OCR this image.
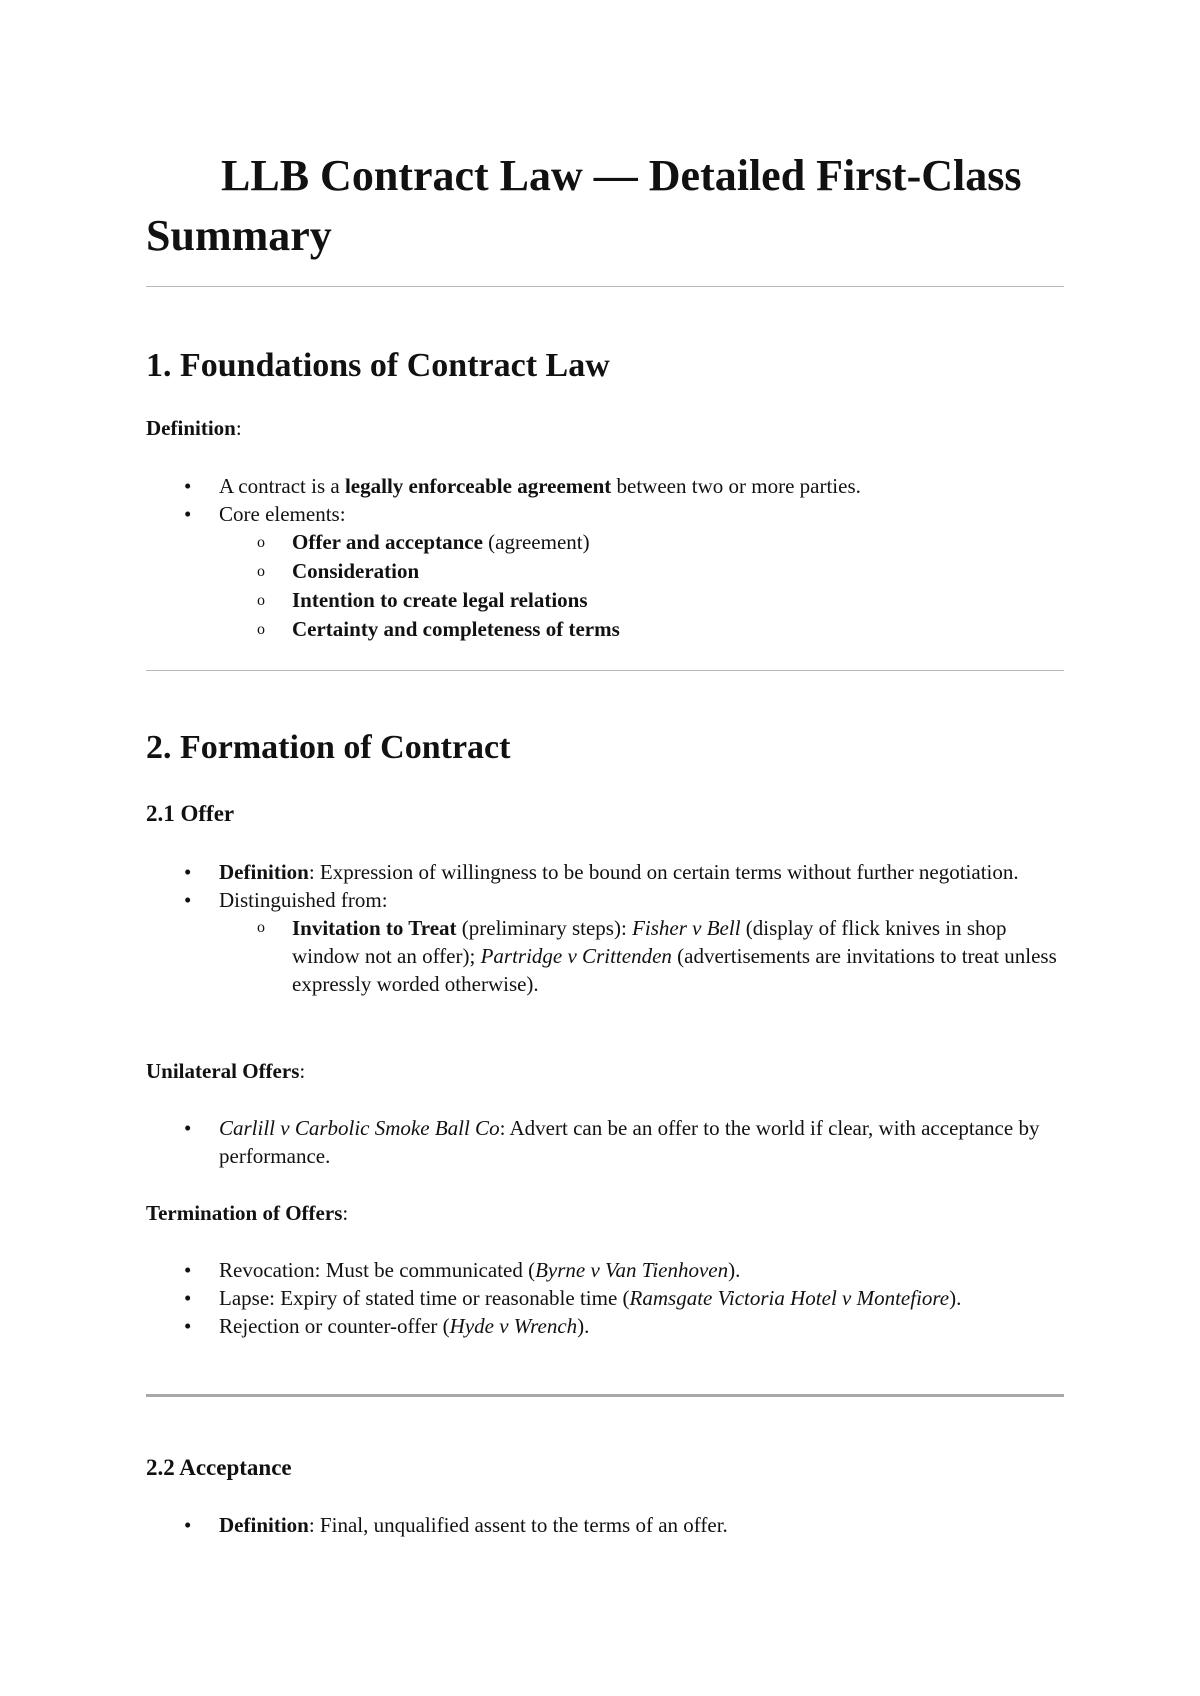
LLB Contract Law — Detailed First-Class Summary
1. Foundations of Contract Law

Definition:

• A contract is a legally enforceable agreement between two or more parties.
• Core elements:
o Offer and acceptance (agreement)
o Consideration
o Intention to create legal relations
o Certainty and completeness of terms
2. Formation of Contract
2.1 Offer
• Definition: Expression of willingness to be bound on certain terms without further negotiation.
• Distinguished from:
o Invitation to Treat (preliminary steps): Fisher v Bell (display of flick knives in shop window not an offer); Partridge v Crittenden (advertisements are invitations to treat unless expressly worded otherwise).

Unilateral Offers:

• Carlill v Carbolic Smoke Ball Co: Advert can be an offer to the world if clear, with acceptance by performance.

Termination of Offers:

• Revocation: Must be communicated (Byrne v Van Tienhoven).
• Lapse: Expiry of stated time or reasonable time (Ramsgate Victoria Hotel v Montefiore).
• Rejection or counter-offer (Hyde v Wrench).
2.2 Acceptance
• Definition: Final, unqualified assent to the terms of an offer.
